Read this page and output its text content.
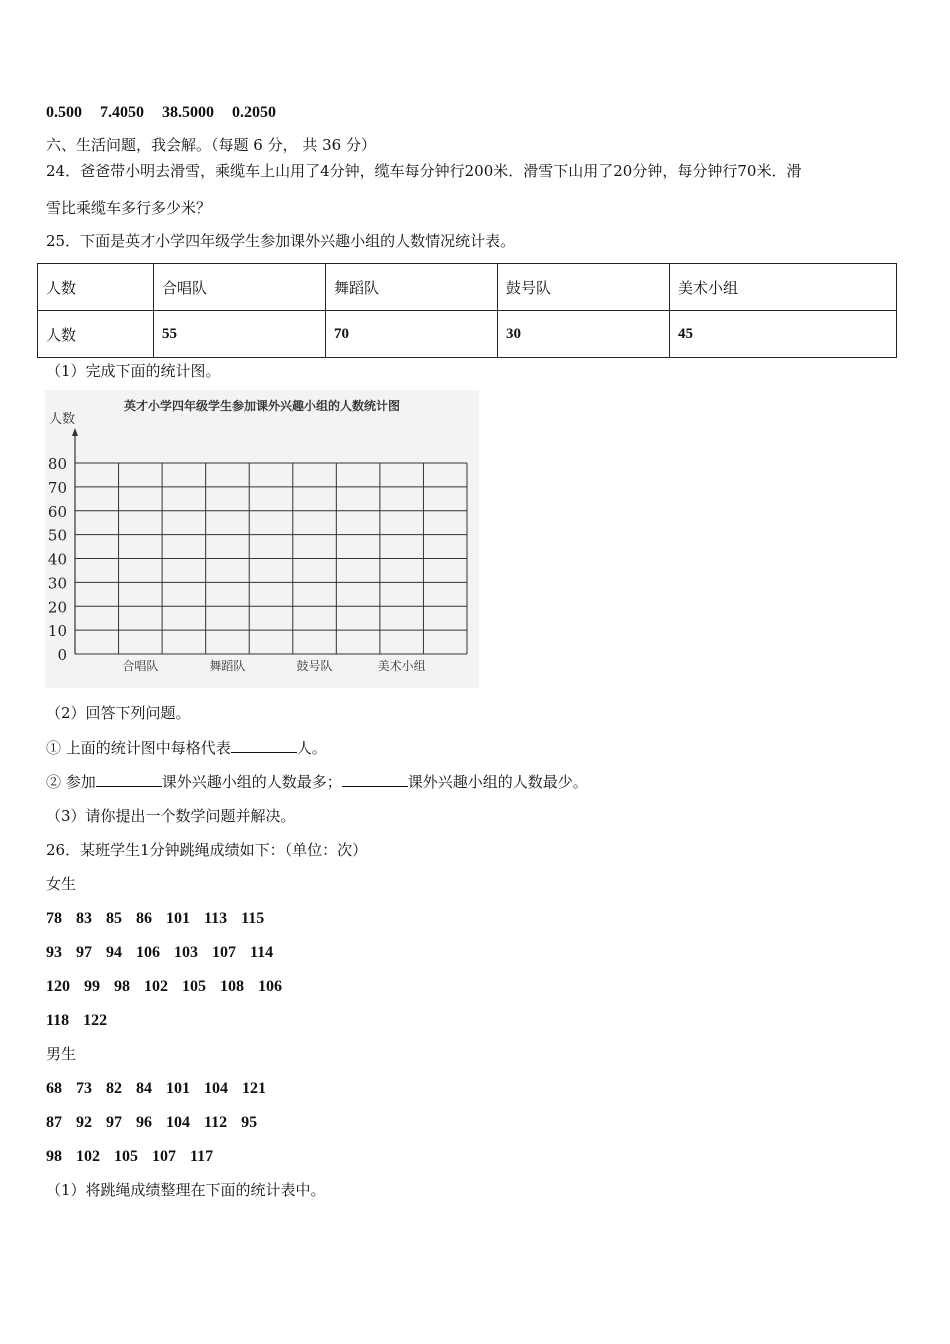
0.500 7.4050 38.5000 0.2050
六、生活问题，我会解。（每题 6 分， 共 36 分）
24．爸爸带小明去滑雪，乘缆车上山用了4分钟，缆车每分钟行200米．滑雪下山用了20分钟，每分钟行70米．滑
雪比乘缆车多行多少米？
25．下面是英才小学四年级学生参加课外兴趣小组的人数情况统计表。
人数	合唱队	舞蹈队	鼓号队	美术小组
人数	55	70	30	45
（1）完成下面的统计图。
英才小学四年级学生参加课外兴趣小组的人数统计图
人数
0
10
20
30
40
50
60
70
80
合唱队	舞蹈队	鼓号队	美术小组
（2）回答下列问题。
① 上面的统计图中每格代表	人。
② 参加	课外兴趣小组的人数最多；	课外兴趣小组的人数最少。
（3）请你提出一个数学问题并解决。
26．某班学生1分钟跳绳成绩如下：（单位：次）
女生
78 83 85 86 101 113 115
93 97 94 106 103 107 114
120 99 98 102 105 108 106
118 122
男生
68 73 82 84 101 104 121
87 92 97 96 104 112 95
98 102 105 107 117
（1）将跳绳成绩整理在下面的统计表中。
